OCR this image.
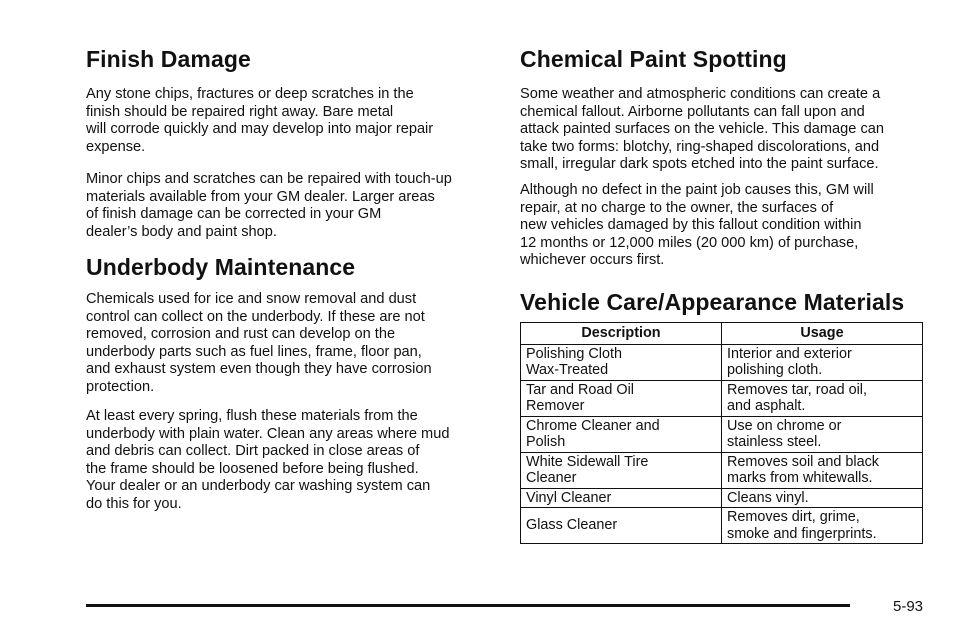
Finish Damage

Any stone chips, fractures or deep scratches in the
finish should be repaired right away. Bare metal
will corrode quickly and may develop into major repair
expense.

Minor chips and scratches can be repaired with touch-up
materials available from your GM dealer. Larger areas
of finish damage can be corrected in your GM
dealer’s body and paint shop.

Underbody Maintenance

Chemicals used for ice and snow removal and dust
control can collect on the underbody. If these are not
removed, corrosion and rust can develop on the
underbody parts such as fuel lines, frame, floor pan,
and exhaust system even though they have corrosion
protection.

At least every spring, flush these materials from the
underbody with plain water. Clean any areas where mud
and debris can collect. Dirt packed in close areas of
the frame should be loosened before being flushed.
Your dealer or an underbody car washing system can
do this for you.

Chemical Paint Spotting

Some weather and atmospheric conditions can create a
chemical fallout. Airborne pollutants can fall upon and
attack painted surfaces on the vehicle. This damage can
take two forms: blotchy, ring-shaped discolorations, and
small, irregular dark spots etched into the paint surface.

Although no defect in the paint job causes this, GM will
repair, at no charge to the owner, the surfaces of
new vehicles damaged by this fallout condition within
12 months or 12,000 miles (20 000 km) of purchase,
whichever occurs first.

Vehicle Care/Appearance Materials
Description	Usage
Polishing Cloth
Wax-Treated	Interior and exterior
polishing cloth.
Tar and Road Oil
Remover	Removes tar, road oil,
and asphalt.
Chrome Cleaner and
Polish	Use on chrome or
stainless steel.
White Sidewall Tire
Cleaner	Removes soil and black
marks from whitewalls.
Vinyl Cleaner	Cleans vinyl.
Glass Cleaner	Removes dirt, grime,
smoke and fingerprints.
5-93
